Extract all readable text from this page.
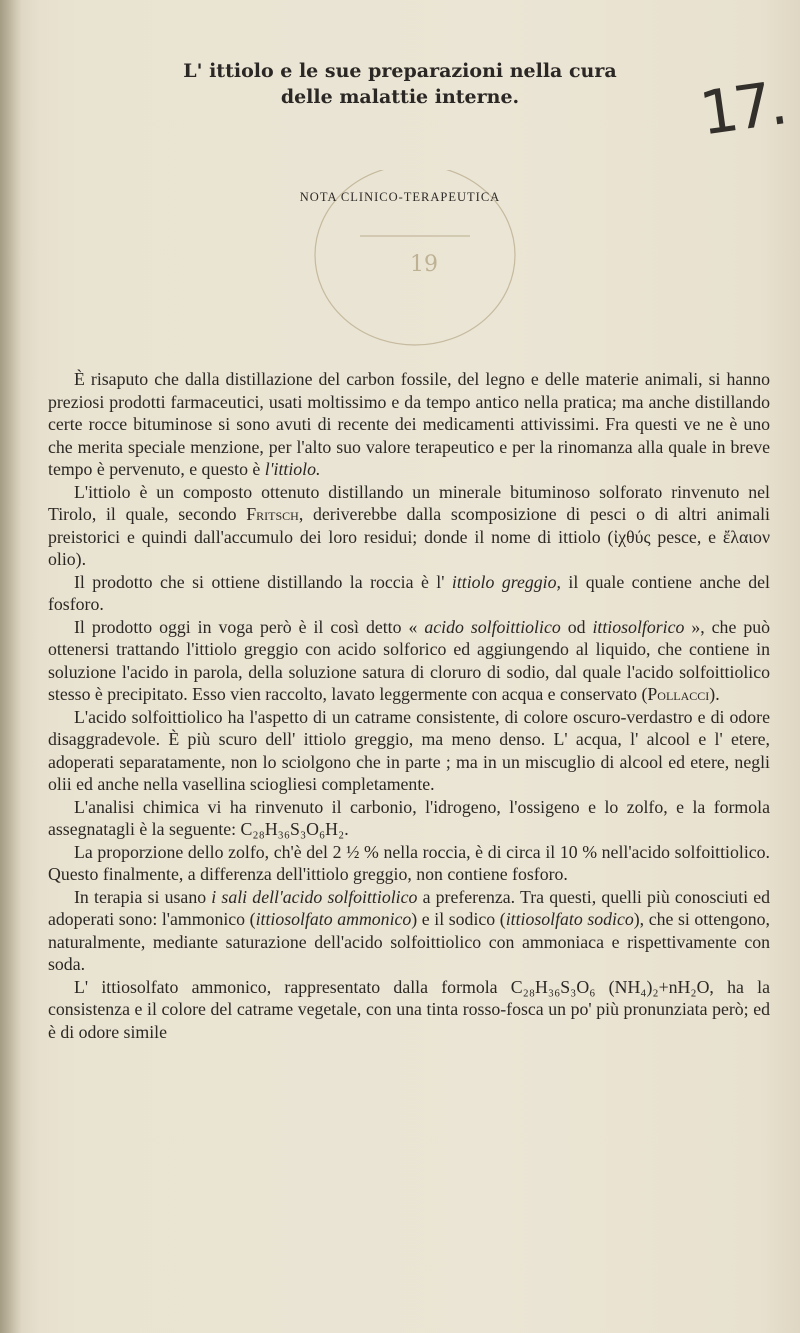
L' ittiolo e le sue preparazioni nella cura
delle malattie interne.	17.
19
NOTA CLINICO-TERAPEUTICA

È risaputo che dalla distillazione del carbon fossile, del legno e delle materie animali, si hanno preziosi prodotti farmaceutici, usati moltissimo e da tempo antico nella pratica; ma anche distillando certe rocce bituminose si sono avuti di recente dei medicamenti attivissimi. Fra questi ve ne è uno che merita speciale menzione, per l'alto suo valore terapeutico e per la rinomanza alla quale in breve tempo è pervenuto, e questo è l'ittiolo.

L'ittiolo è un composto ottenuto distillando un minerale bituminoso solforato rinvenuto nel Tirolo, il quale, secondo Fritsch, deriverebbe dalla scomposizione di pesci o di altri animali preistorici e quindi dall'accumulo dei loro residui; donde il nome di ittiolo (ἰχθύς pesce, e ἔλαιον olio).

Il prodotto che si ottiene distillando la roccia è l' ittiolo greggio, il quale contiene anche del fosforo.

Il prodotto oggi in voga però è il così detto « acido solfoittiolico od ittiosolforico », che può ottenersi trattando l'ittiolo greggio con acido solforico ed aggiungendo al liquido, che contiene in soluzione l'acido in parola, della soluzione satura di cloruro di sodio, dal quale l'acido solfoittiolico stesso è precipitato. Esso vien raccolto, lavato leggermente con acqua e conservato (Pollacci).

L'acido solfoittiolico ha l'aspetto di un catrame consistente, di colore oscuro-verdastro e di odore disaggradevole. È più scuro dell' ittiolo greggio, ma meno denso. L' acqua, l' alcool e l' etere, adoperati separatamente, non lo sciolgono che in parte ; ma in un miscuglio di alcool ed etere, negli olii ed anche nella vasellina sciogliesi completamente.

L'analisi chimica vi ha rinvenuto il carbonio, l'idrogeno, l'ossigeno e lo zolfo, e la formola assegnatagli è la seguente: C₂₈H₃₆S₃O₆H₂.

La proporzione dello zolfo, ch'è del 2 ½ % nella roccia, è di circa il 10 % nell'acido solfoittiolico. Questo finalmente, a differenza dell'ittiolo greggio, non contiene fosforo.

In terapia si usano i sali dell'acido solfoittiolico a preferenza. Tra questi, quelli più conosciuti ed adoperati sono: l'ammonico (ittiosolfato ammonico) e il sodico (ittiosolfato sodico), che si ottengono, naturalmente, mediante saturazione dell'acido solfoittiolico con ammoniaca e rispettivamente con soda.

L' ittiosolfato ammonico, rappresentato dalla formola C₂₈H₃₆S₃O₆ (NH₄)₂+nH₂O, ha la consistenza e il colore del catrame vegetale, con una tinta rosso-fosca un po' più pronunziata però; ed è di odore simile
